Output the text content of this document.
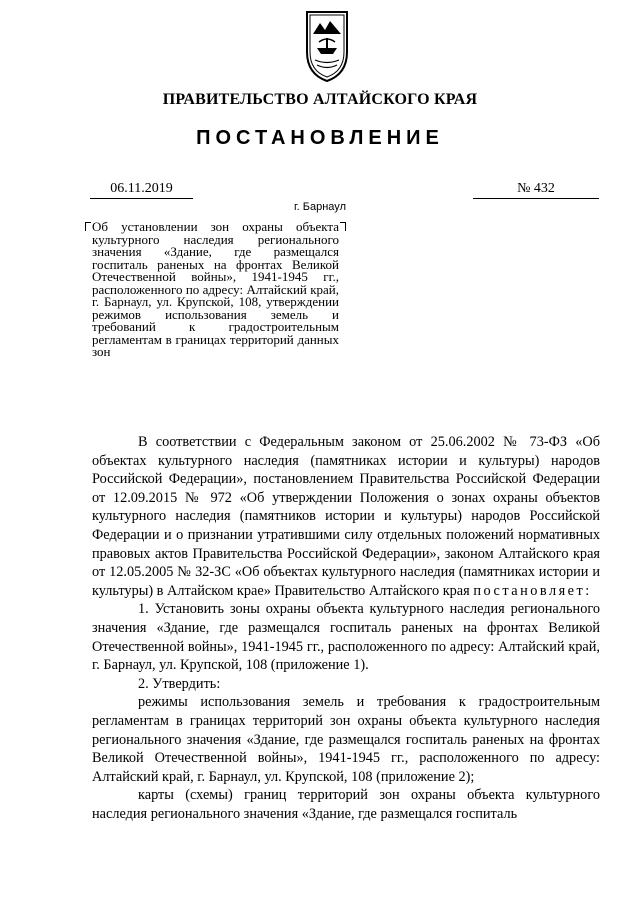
ПРАВИТЕЛЬСТВО АЛТАЙСКОГО КРАЯ
ПОСТАНОВЛЕНИЕ
06.11.2019	№ 432
г. Барнаул
Об установлении зон охраны объекта культурного наследия регионального значения «Здание, где размещался госпиталь раненых на фронтах Великой Отечественной войны», 1941-1945 гг., расположенного по адресу: Алтайский край, г. Барнаул, ул. Крупской, 108, утверждении режимов использования земель и требований к градостроительным регламентам в границах территорий данных зон

В соответствии с Федеральным законом от 25.06.2002 № 73-ФЗ «Об объектах культурного наследия (памятниках истории и культуры) народов Российской Федерации», постановлением Правительства Российской Федерации от 12.09.2015 № 972 «Об утверждении Положения о зонах охраны объектов культурного наследия (памятников истории и культуры) народов Российской Федерации и о признании утратившими силу отдельных положений нормативных правовых актов Правительства Российской Федерации», законом Алтайского края от 12.05.2005 № 32-ЗС «Об объектах культурного наследия (памятниках истории и культуры) в Алтайском крае» Правительство Алтайского края постановляет:

1. Установить зоны охраны объекта культурного наследия регионального значения «Здание, где размещался госпиталь раненых на фронтах Великой Отечественной войны», 1941-1945 гг., расположенного по адресу: Алтайский край, г. Барнаул, ул. Крупской, 108 (приложение 1).

2. Утвердить:

режимы использования земель и требования к градостроительным регламентам в границах территорий зон охраны объекта культурного наследия регионального значения «Здание, где размещался госпиталь раненых на фронтах Великой Отечественной войны», 1941-1945 гг., расположенного по адресу: Алтайский край, г. Барнаул, ул. Крупской, 108 (приложение 2);

карты (схемы) границ территорий зон охраны объекта культурного наследия регионального значения «Здание, где размещался госпиталь
